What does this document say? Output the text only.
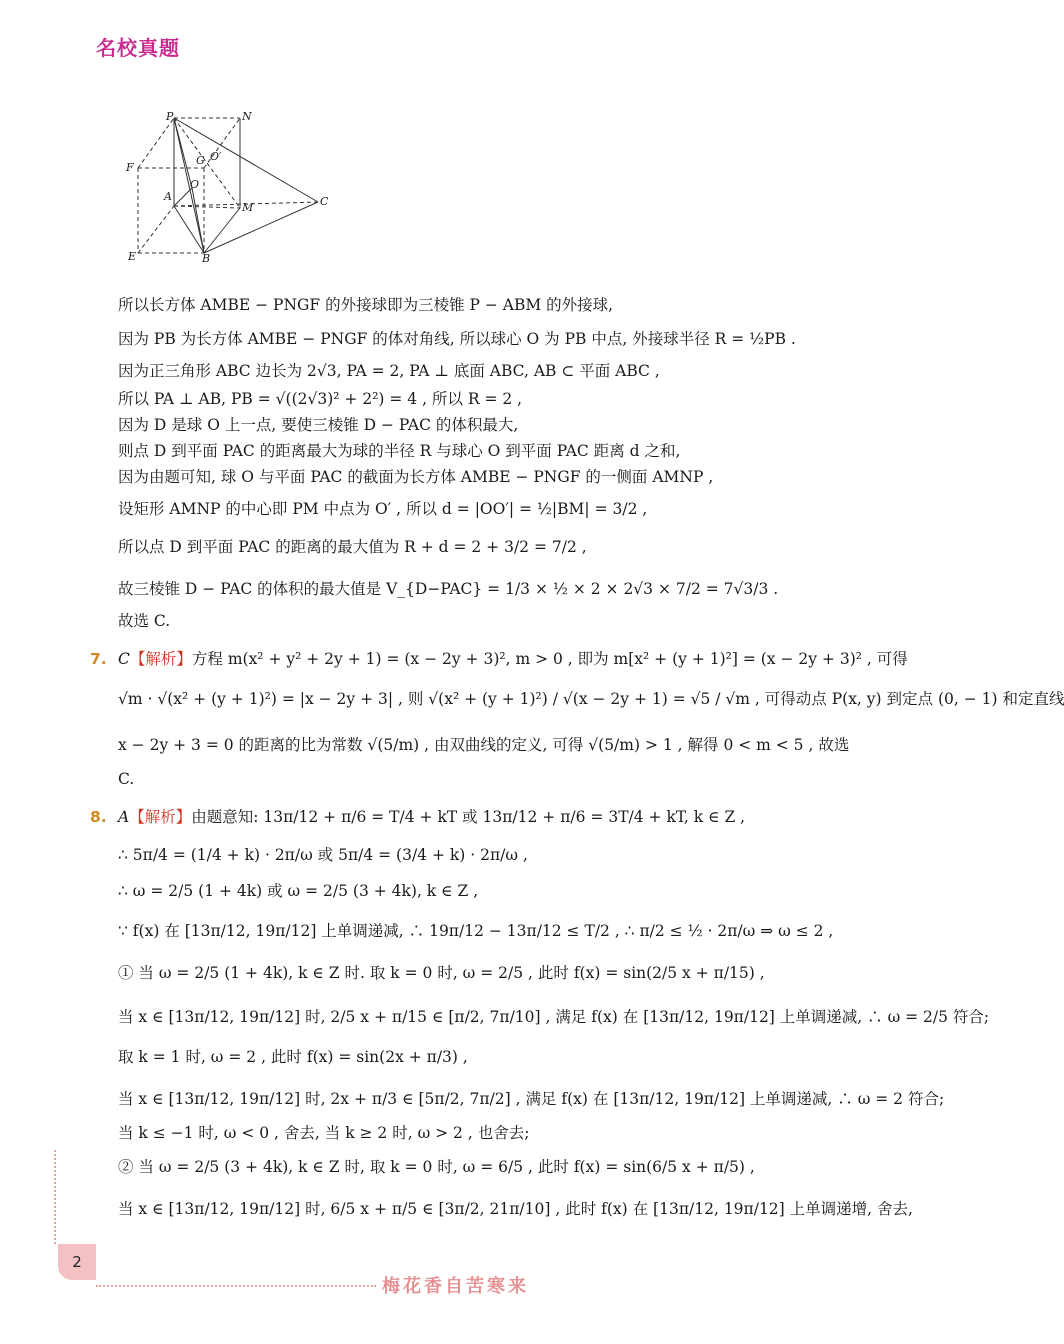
名校真题
P	N
F
G O′
O
A
M	C
E	B
所以长方体 AMBE − PNGF 的外接球即为三棱锥 P − ABM 的外接球,
因为 PB 为长方体 AMBE − PNGF 的体对角线, 所以球心 O 为 PB 中点, 外接球半径 R = ½PB .
因为正三角形 ABC 边长为 2√3, PA = 2, PA ⊥ 底面 ABC, AB ⊂ 平面 ABC ,
所以 PA ⊥ AB, PB = √((2√3)² + 2²) = 4 , 所以 R = 2 ,
因为 D 是球 O 上一点, 要使三棱锥 D − PAC 的体积最大,
则点 D 到平面 PAC 的距离最大为球的半径 R 与球心 O 到平面 PAC 距离 d 之和,
因为由题可知, 球 O 与平面 PAC 的截面为长方体 AMBE − PNGF 的一侧面 AMNP ,
设矩形 AMNP 的中心即 PM 中点为 O′ , 所以 d = |OO′| = ½|BM| = 3/2 ,
所以点 D 到平面 PAC 的距离的最大值为 R + d = 2 + 3/2 = 7/2 ,
故三棱锥 D − PAC 的体积的最大值是 V_{D−PAC} = 1/3 × ½ × 2 × 2√3 × 7/2 = 7√3/3 .
故选 C.
7. C【解析】方程 m(x² + y² + 2y + 1) = (x − 2y + 3)², m > 0 , 即为 m[x² + (y + 1)²] = (x − 2y + 3)² , 可得
√m · √(x² + (y + 1)²) = |x − 2y + 3| , 则 √(x² + (y + 1)²) / √(x − 2y + 1) = √5 / √m , 可得动点 P(x, y) 到定点 (0, − 1) 和定直线
x − 2y + 3 = 0 的距离的比为常数 √(5/m) , 由双曲线的定义, 可得 √(5/m) > 1 , 解得 0 < m < 5 , 故选
C.
8. A【解析】由题意知: 13π/12 + π/6 = T/4 + kT 或 13π/12 + π/6 = 3T/4 + kT, k ∈ Z ,
∴ 5π/4 = (1/4 + k) · 2π/ω 或 5π/4 = (3/4 + k) · 2π/ω ,
∴ ω = 2/5 (1 + 4k) 或 ω = 2/5 (3 + 4k), k ∈ Z ,
∵ f(x) 在 [13π/12, 19π/12] 上单调递减, ∴ 19π/12 − 13π/12 ≤ T/2 , ∴ π/2 ≤ ½ · 2π/ω ⇒ ω ≤ 2 ,
① 当 ω = 2/5 (1 + 4k), k ∈ Z 时. 取 k = 0 时, ω = 2/5 , 此时 f(x) = sin(2/5 x + π/15) ,
当 x ∈ [13π/12, 19π/12] 时, 2/5 x + π/15 ∈ [π/2, 7π/10] , 满足 f(x) 在 [13π/12, 19π/12] 上单调递减, ∴ ω = 2/5 符合;
取 k = 1 时, ω = 2 , 此时 f(x) = sin(2x + π/3) ,
当 x ∈ [13π/12, 19π/12] 时, 2x + π/3 ∈ [5π/2, 7π/2] , 满足 f(x) 在 [13π/12, 19π/12] 上单调递减, ∴ ω = 2 符合;
当 k ≤ −1 时, ω < 0 , 舍去, 当 k ≥ 2 时, ω > 2 , 也舍去;
② 当 ω = 2/5 (3 + 4k), k ∈ Z 时, 取 k = 0 时, ω = 6/5 , 此时 f(x) = sin(6/5 x + π/5) ,
当 x ∈ [13π/12, 19π/12] 时, 6/5 x + π/5 ∈ [3π/2, 21π/10] , 此时 f(x) 在 [13π/12, 19π/12] 上单调递增, 舍去,
2
梅花香自苦寒来
